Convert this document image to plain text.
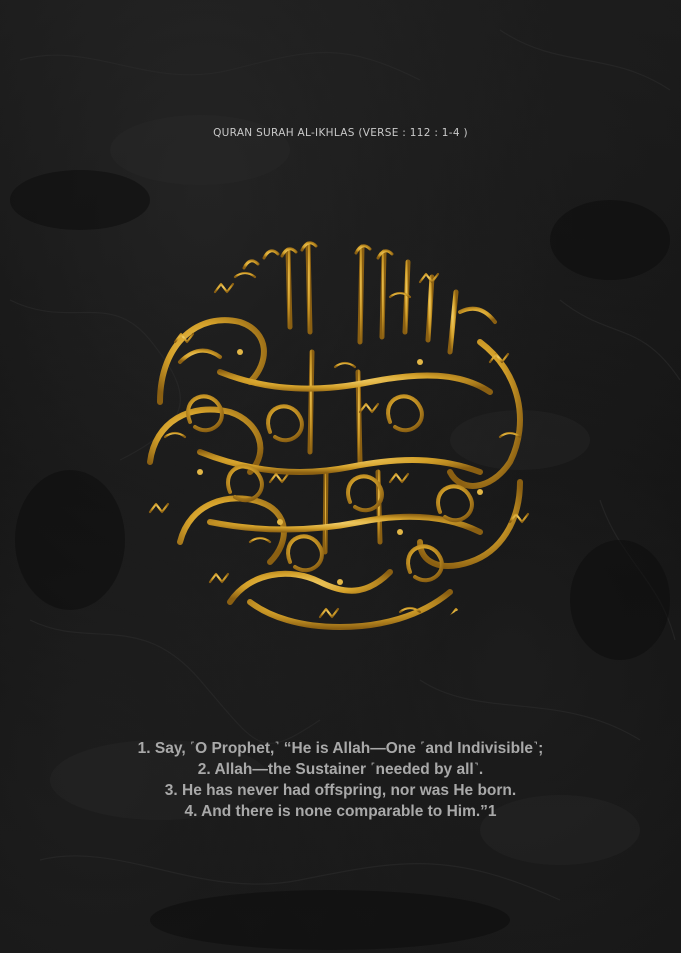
QURAN SURAH AL-IKHLAS (VERSE : 112 : 1-4 )
1. Say, ˹O Prophet,˺ “He is Allah—One ˹and Indivisible˺;
2. Allah—the Sustainer ˹needed by all˺.
3. He has never had offspring, nor was He born.
4. And there is none comparable to Him.”1
